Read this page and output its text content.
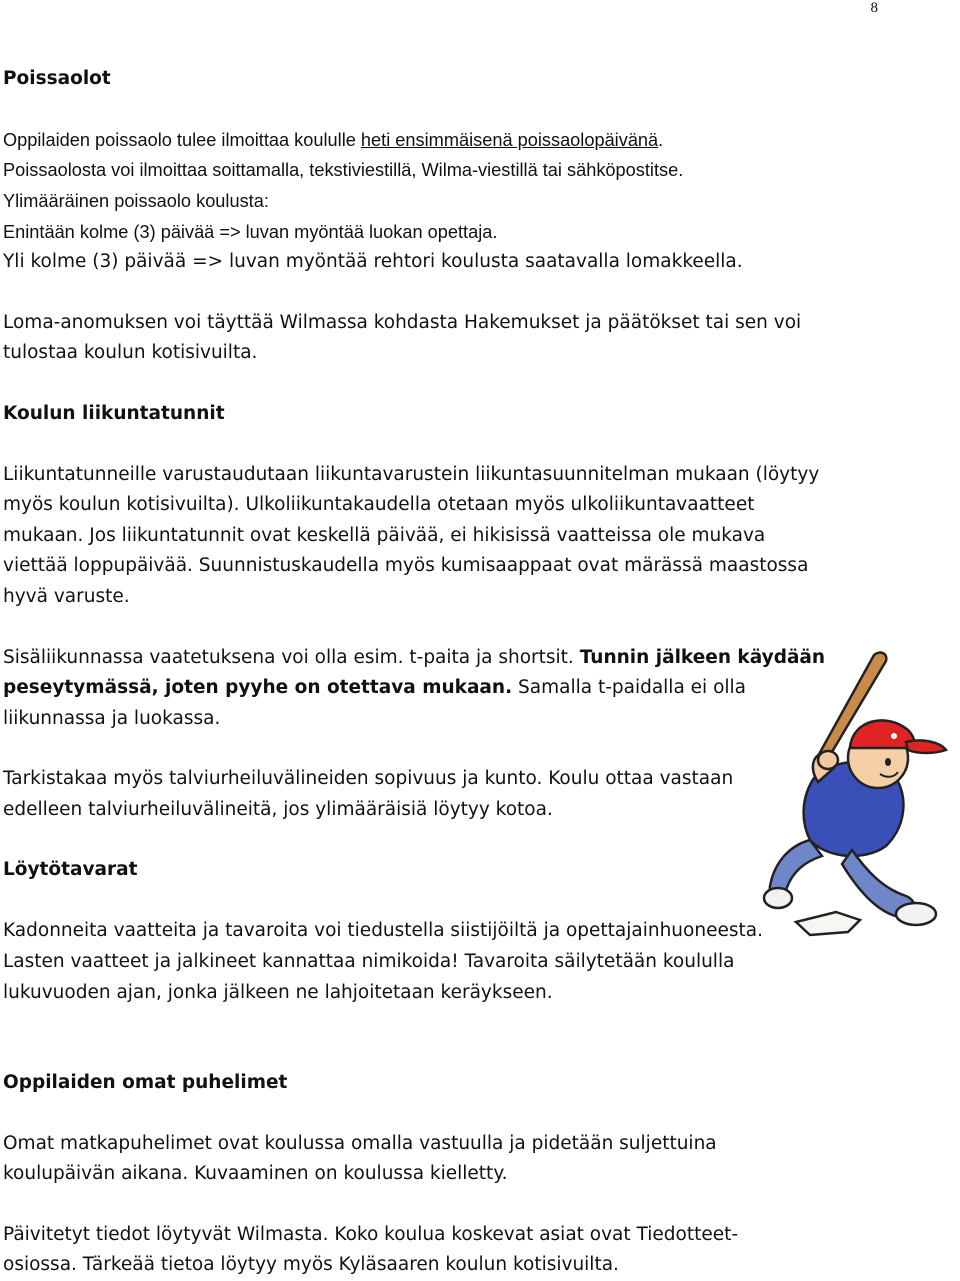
8
Poissaolot
Oppilaiden poissaolo tulee ilmoittaa koululle heti ensimmäisenä poissaolopäivänä.
Poissaolosta voi ilmoittaa soittamalla, tekstiviestillä, Wilma-viestillä tai sähköpostitse.
Ylimääräinen poissaolo koulusta:
Enintään kolme (3) päivää => luvan myöntää luokan opettaja.
Yli kolme (3) päivää => luvan myöntää rehtori koulusta saatavalla lomakkeella.
Loma-anomuksen voi täyttää Wilmassa kohdasta Hakemukset ja päätökset tai sen voi
tulostaa koulun kotisivuilta.
Koulun liikuntatunnit
Liikuntatunneille varustaudutaan liikuntavarustein liikuntasuunnitelman mukaan (löytyy
myös koulun kotisivuilta). Ulkoliikuntakaudella otetaan myös ulkoliikuntavaatteet
mukaan. Jos liikuntatunnit ovat keskellä päivää, ei hikisissä vaatteissa ole mukava
viettää loppupäivää. Suunnistuskaudella myös kumisaappaat ovat märässä maastossa
hyvä varuste.
Sisäliikunnassa vaatetuksena voi olla esim. t-paita ja shortsit. Tunnin jälkeen käydään
peseytymässä, joten pyyhe on otettava mukaan. Samalla t-paidalla ei olla
liikunnassa ja luokassa.
Tarkistakaa myös talviurheiluvälineiden sopivuus ja kunto. Koulu ottaa vastaan
edelleen talviurheiluvälineitä, jos ylimääräisiä löytyy kotoa.
Löytötavarat
Kadonneita vaatteita ja tavaroita voi tiedustella siistijöiltä ja opettajainhuoneesta.
Lasten vaatteet ja jalkineet kannattaa nimikoida! Tavaroita säilytetään koululla
lukuvuoden ajan, jonka jälkeen ne lahjoitetaan keräykseen.
Oppilaiden omat puhelimet
Omat matkapuhelimet ovat koulussa omalla vastuulla ja pidetään suljettuina
koulupäivän aikana. Kuvaaminen on koulussa kielletty.
Päivitetyt tiedot löytyvät Wilmasta. Koko koulua koskevat asiat ovat Tiedotteet-
osiossa. Tärkeää tietoa löytyy myös Kyläsaaren koulun kotisivuilta.
